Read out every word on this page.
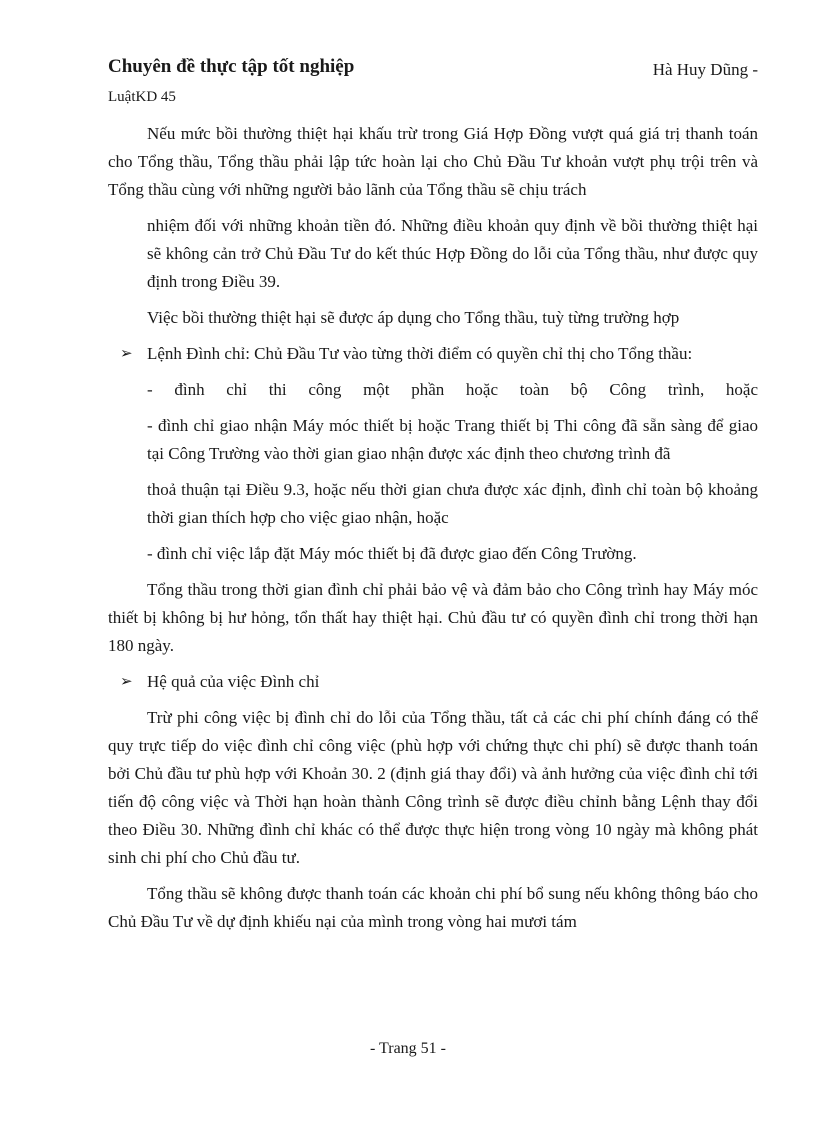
Chuyên đề thực tập tốt nghiệp	Hà Huy Dũng -
LuậtKD 45

Nếu mức bồi thường thiệt hại khấu trừ trong Giá Hợp Đồng vượt quá giá trị thanh toán cho Tổng thầu, Tổng thầu phải lập tức hoàn lại cho Chủ Đầu Tư khoản vượt phụ trội trên và Tổng thầu cùng với những người bảo lãnh của Tổng thầu sẽ chịu trách

nhiệm đối với những khoản tiền đó. Những điều khoản quy định về bồi thường thiệt hại sẽ không cản trở Chủ Đầu Tư do kết thúc Hợp Đồng do lỗi của Tổng thầu, như được quy định trong Điều 39.

Việc bồi thường thiệt hại sẽ được áp dụng cho Tổng thầu, tuỳ từng trường hợp

➢ Lệnh Đình chỉ: Chủ Đầu Tư vào từng thời điểm có quyền chỉ thị cho Tổng thầu:

- đình chỉ thi công một phần hoặc toàn bộ Công trình, hoặc

- đình chỉ giao nhận Máy móc thiết bị hoặc Trang thiết bị Thi công đã sẵn sàng để giao tại Công Trường vào thời gian giao nhận được xác định theo chương trình đã

thoả thuận tại Điều 9.3, hoặc nếu thời gian chưa được xác định, đình chỉ toàn bộ khoảng thời gian thích hợp cho việc giao nhận, hoặc

- đình chỉ việc lắp đặt Máy móc thiết bị đã được giao đến Công Trường.

Tổng thầu trong thời gian đình chỉ phải bảo vệ và đảm bảo cho Công trình hay Máy móc thiết bị không bị hư hỏng, tổn thất hay thiệt hại. Chủ đầu tư có quyền đình chỉ trong thời hạn 180 ngày.

➢ Hệ quả của việc Đình chỉ

Trừ phi công việc bị đình chỉ do lỗi của Tổng thầu, tất cả các chi phí chính đáng có thể quy trực tiếp do việc đình chỉ công việc (phù hợp với chứng thực chi phí) sẽ được thanh toán bởi Chủ đầu tư phù hợp với Khoản 30. 2 (định giá thay đổi) và ảnh hưởng của việc đình chỉ tới tiến độ công việc và Thời hạn hoàn thành Công trình sẽ được điều chỉnh bằng Lệnh thay đổi theo Điều 30. Những đình chỉ khác có thể được thực hiện trong vòng 10 ngày mà không phát sinh chi phí cho Chủ đầu tư.

Tổng thầu sẽ không được thanh toán các khoản chi phí bổ sung nếu không thông báo cho Chủ Đầu Tư về dự định khiếu nại của mình trong vòng hai mươi tám

- Trang 51 -
